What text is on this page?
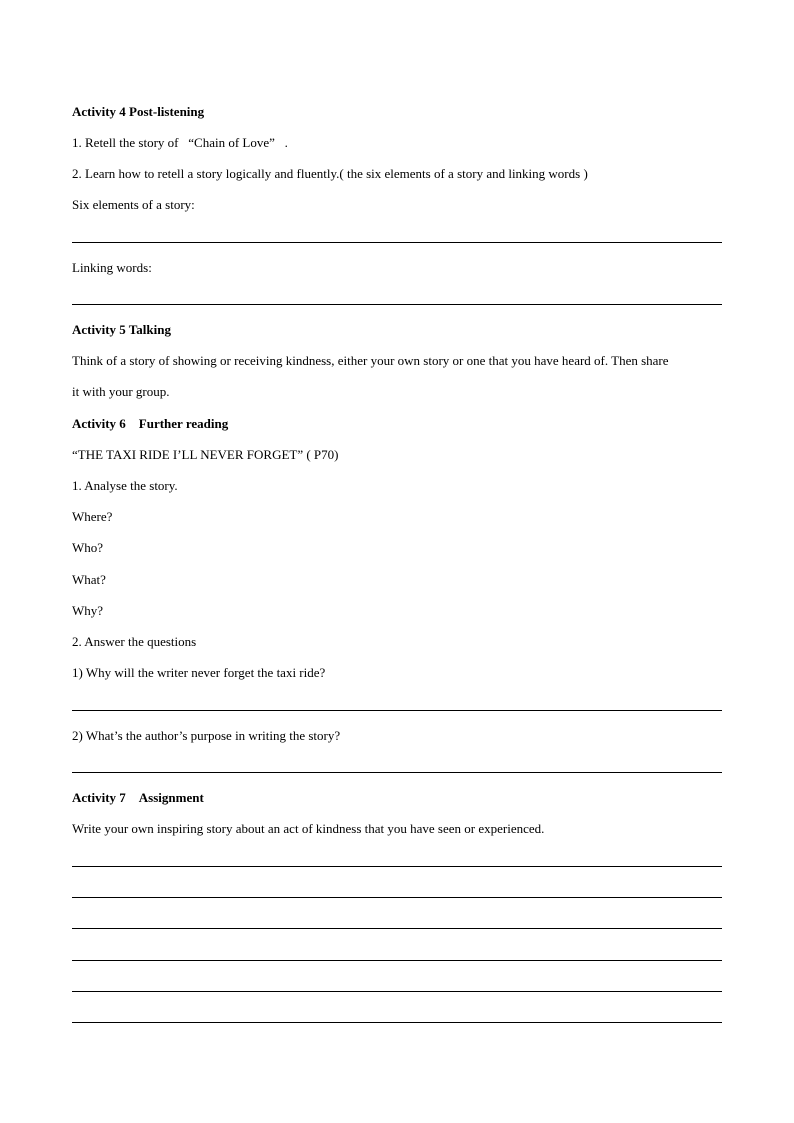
Activity 4 Post-listening

1. Retell the story of   “Chain of Love”   .

2. Learn how to retell a story logically and fluently.( the six elements of a story and linking words )

Six elements of a story:

Linking words:

Activity 5 Talking

Think of a story of showing or receiving kindness, either your own story or one that you have heard of. Then share

it with your group.

Activity 6    Further reading

“THE TAXI RIDE I’LL NEVER FORGET” ( P70)

1. Analyse the story.

Where?

Who?

What?

Why?

2. Answer the questions

1) Why will the writer never forget the taxi ride?

2) What’s the author’s purpose in writing the story?

Activity 7    Assignment

Write your own inspiring story about an act of kindness that you have seen or experienced.
